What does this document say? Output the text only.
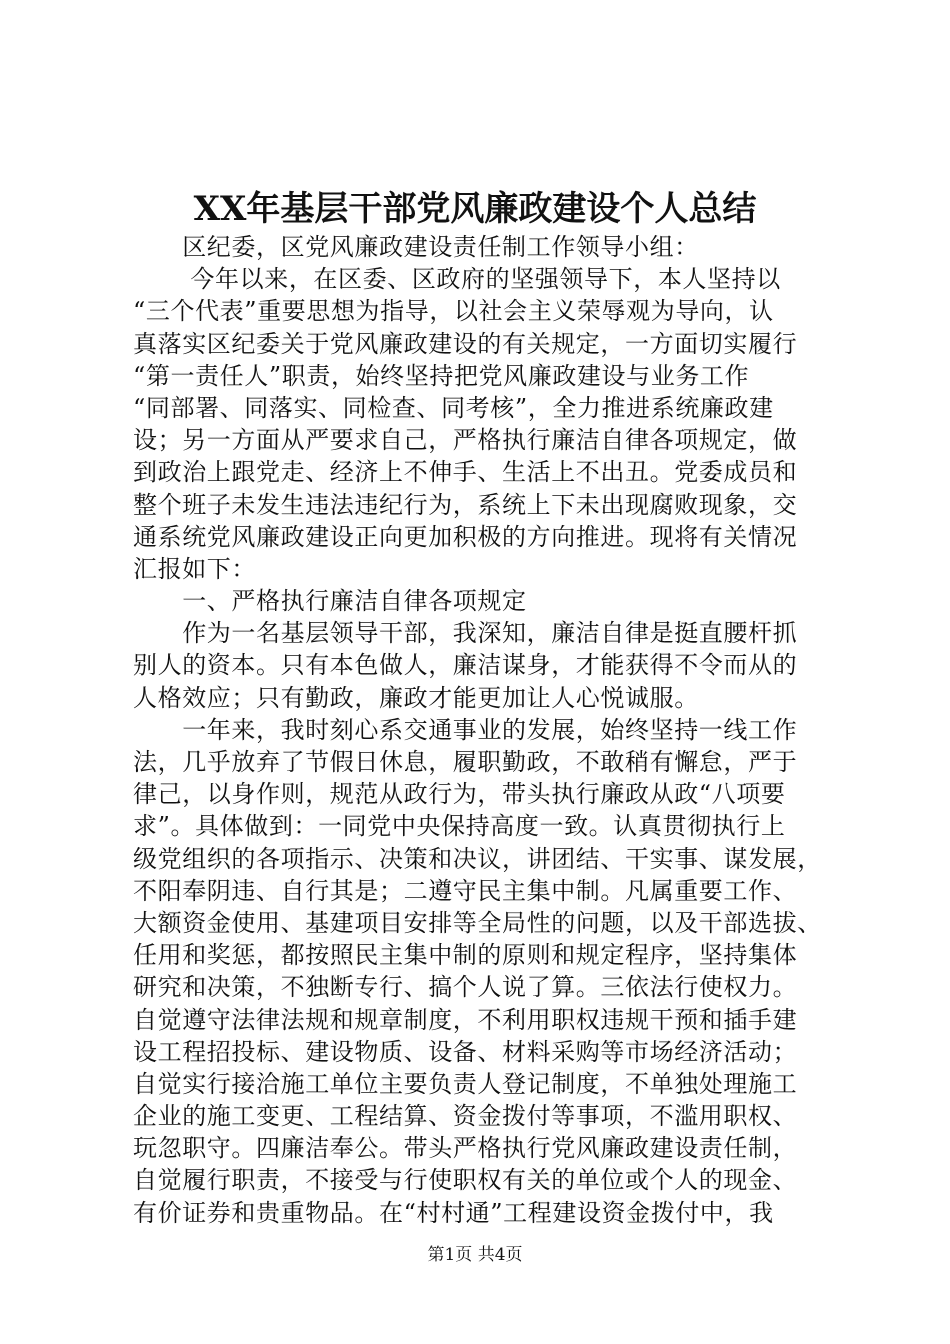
XX年基层干部党风廉政建设个人总结
　　区纪委，区党风廉政建设责任制工作领导小组：
　　 今年以来，在区委、区政府的坚强领导下，本人坚持以
“三个代表”重要思想为指导，以社会主义荣辱观为导向，认
真落实区纪委关于党风廉政建设的有关规定，一方面切实履行
“第一责任人”职责，始终坚持把党风廉政建设与业务工作
“同部署、同落实、同检查、同考核”，全力推进系统廉政建
设；另一方面从严要求自己，严格执行廉洁自律各项规定，做
到政治上跟党走、经济上不伸手、生活上不出丑。党委成员和
整个班子未发生违法违纪行为，系统上下未出现腐败现象，交
通系统党风廉政建设正向更加积极的方向推进。现将有关情况
汇报如下：
　　一、严格执行廉洁自律各项规定
　　作为一名基层领导干部，我深知，廉洁自律是挺直腰杆抓
别人的资本。只有本色做人，廉洁谋身，才能获得不令而从的
人格效应；只有勤政，廉政才能更加让人心悦诚服。
　　一年来，我时刻心系交通事业的发展，始终坚持一线工作
法，几乎放弃了节假日休息，履职勤政，不敢稍有懈怠，严于
律己，以身作则，规范从政行为，带头执行廉政从政“八项要
求”。具体做到：一同党中央保持高度一致。认真贯彻执行上
级党组织的各项指示、决策和决议，讲团结、干实事、谋发展，
不阳奉阴违、自行其是；二遵守民主集中制。凡属重要工作、
大额资金使用、基建项目安排等全局性的问题，以及干部选拔、
任用和奖惩，都按照民主集中制的原则和规定程序，坚持集体
研究和决策，不独断专行、搞个人说了算。三依法行使权力。
自觉遵守法律法规和规章制度，不利用职权违规干预和插手建
设工程招投标、建设物质、设备、材料采购等市场经济活动；
自觉实行接洽施工单位主要负责人登记制度，不单独处理施工
企业的施工变更、工程结算、资金拨付等事项，不滥用职权、
玩忽职守。四廉洁奉公。带头严格执行党风廉政建设责任制，
自觉履行职责，不接受与行使职权有关的单位或个人的现金、
有价证券和贵重物品。在“村村通”工程建设资金拨付中，我
第1页 共4页
